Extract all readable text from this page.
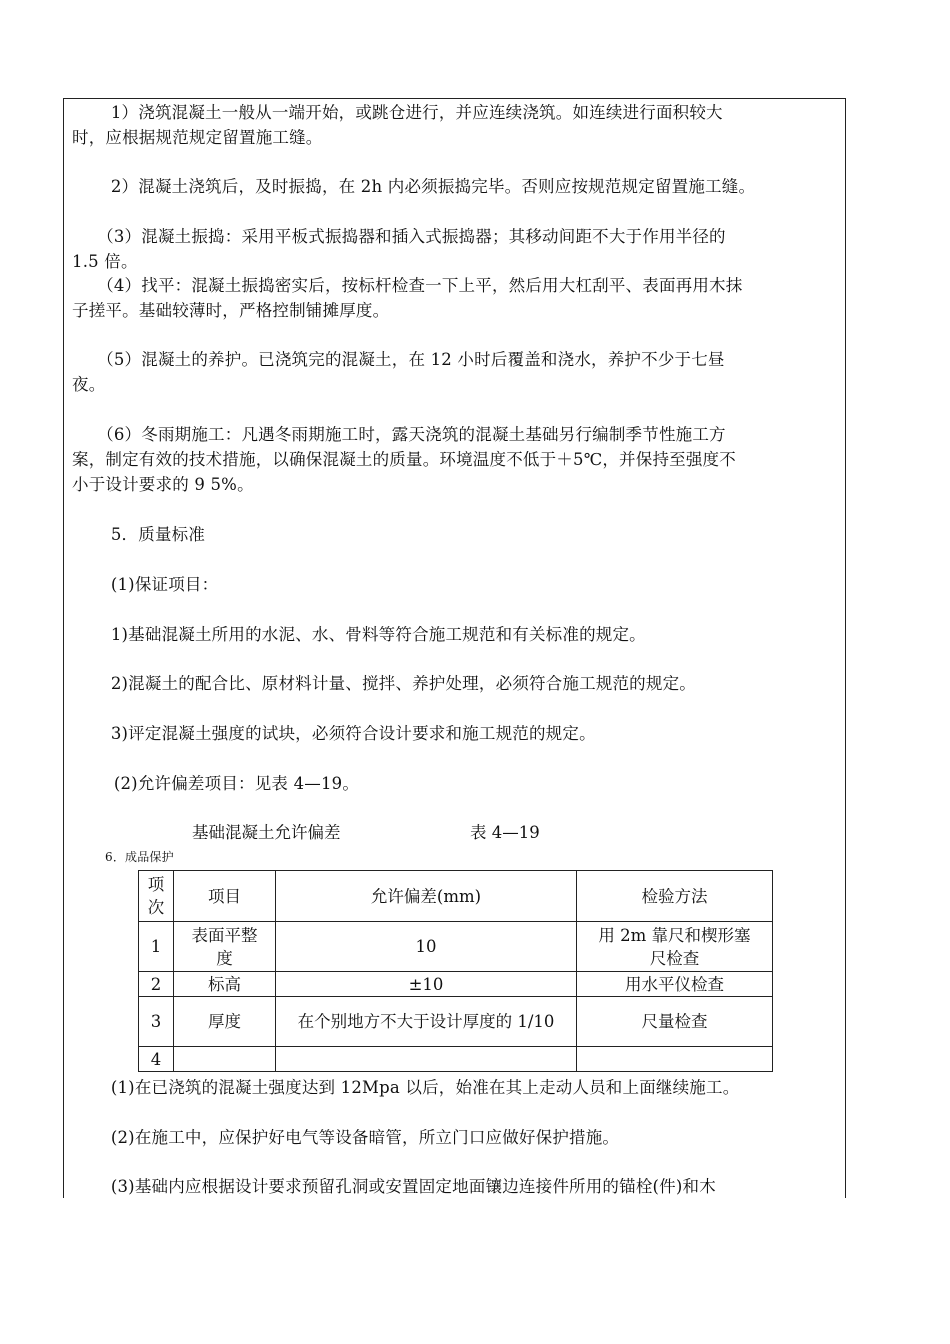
　　 1）浇筑混凝土一般从一端开始，或跳仓进行，并应连续浇筑。如连续进行面积较大

时，应根据规范规定留置施工缝。

　　 2）混凝土浇筑后，及时振捣，在 2h 内必须振捣完毕。否则应按规范规定留置施工缝。

　　（3）混凝土振捣：采用平板式振捣器和插入式振捣器；其移动间距不大于作用半径的

1.5 倍。

　　（4）找平：混凝土振捣密实后，按标杆检查一下上平，然后用大杠刮平、表面再用木抹

子搓平。基础较薄时，严格控制铺摊厚度。

　　（5）混凝土的养护。已浇筑完的混凝土，在 12 小时后覆盖和浇水，养护不少于七昼

夜。

　　（6）冬雨期施工：凡遇冬雨期施工时，露天浇筑的混凝土基础另行编制季节性施工方

案，制定有效的技术措施，以确保混凝土的质量。环境温度不低于＋5℃，并保持至强度不

小于设计要求的 9 5%。

　　 5．质量标准

　　 (1)保证项目：

　　 1)基础混凝土所用的水泥、水、骨料等符合施工规范和有关标准的规定。

　　 2)混凝土的配合比、原材料计量、搅拌、养护处理，必须符合施工规范的规定。

　　 3)评定混凝土强度的试块，必须符合设计要求和施工规范的规定。

　　 (2)允许偏差项目：见表 4—19。

基础混凝土允许偏差	表 4—19

6．成品保护

项次	项目	允许偏差(mm)	检验方法
1	表面平整度	10	用 2m 靠尺和楔形塞尺检查
2	标高	±10	用水平仪检查
3	厚度	在个别地方不大于设计厚度的 1/10	尺量检查
4			

　　 (1)在已浇筑的混凝土强度达到 12Mpa 以后，始准在其上走动人员和上面继续施工。

　　 (2)在施工中，应保护好电气等设备暗管，所立门口应做好保护措施。

　　 (3)基础内应根据设计要求预留孔洞或安置固定地面镶边连接件所用的锚栓(件)和木
